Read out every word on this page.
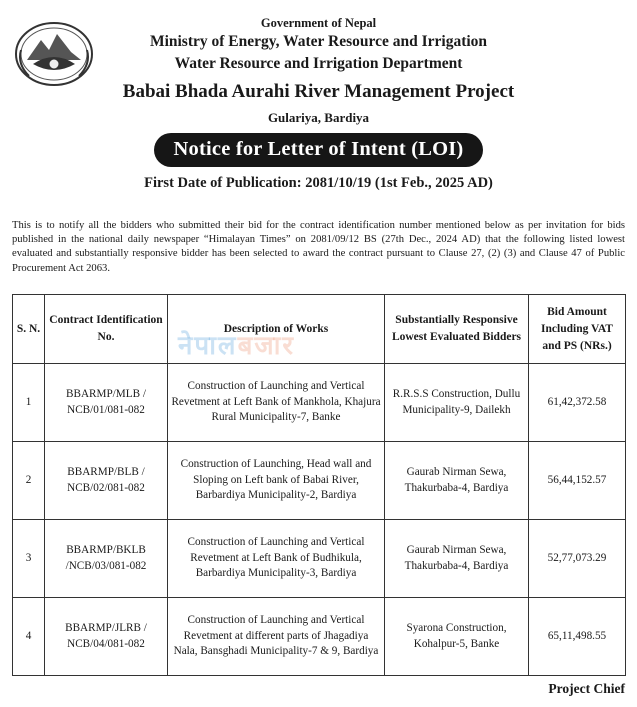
Government of Nepal
Ministry of Energy, Water Resource and Irrigation
Water Resource and Irrigation Department
Babai Bhada Aurahi River Management Project
Gulariya, Bardiya
Notice for Letter of Intent (LOI)
First Date of Publication: 2081/10/19 (1st Feb., 2025 AD)
This is to notify all the bidders who submitted their bid for the contract identification number mentioned below as per invitation for bids published in the national daily newspaper “Himalayan Times” on 2081/09/12 BS (27th Dec., 2024 AD) that the following listed lowest evaluated and substantially responsive bidder has been selected to award the contract pursuant to Clause 27, (2) (3) and Clause 47 of Public Procurement Act 2063.
S. N.	Contract Identification No.	Description of Works	Substantially Responsive Lowest Evaluated Bidders	Bid Amount Including VAT and PS (NRs.)
1	BBARMP/MLB / NCB/01/081-082	Construction of Launching and Vertical Revetment at Left Bank of Mankhola, Khajura Rural Municipality-7, Banke	R.R.S.S Construction, Dullu Municipality-9, Dailekh	61,42,372.58
2	BBARMP/BLB / NCB/02/081-082	Construction of Launching, Head wall and Sloping on Left bank of Babai River, Barbardiya Municipality-2, Bardiya	Gaurab Nirman Sewa, Thakurbaba-4, Bardiya	56,44,152.57
3	BBARMP/BKLB /NCB/03/081-082	Construction of Launching and Vertical Revetment at Left Bank of Budhikula, Barbardiya Municipality-3, Bardiya	Gaurab Nirman Sewa, Thakurbaba-4, Bardiya	52,77,073.29
4	BBARMP/JLRB / NCB/04/081-082	Construction of Launching and Vertical Revetment at different parts of Jhagadiya Nala, Bansghadi Municipality-7 & 9, Bardiya	Syarona Construction, Kohalpur-5, Banke	65,11,498.55
नेपालबजार
Project Chief
